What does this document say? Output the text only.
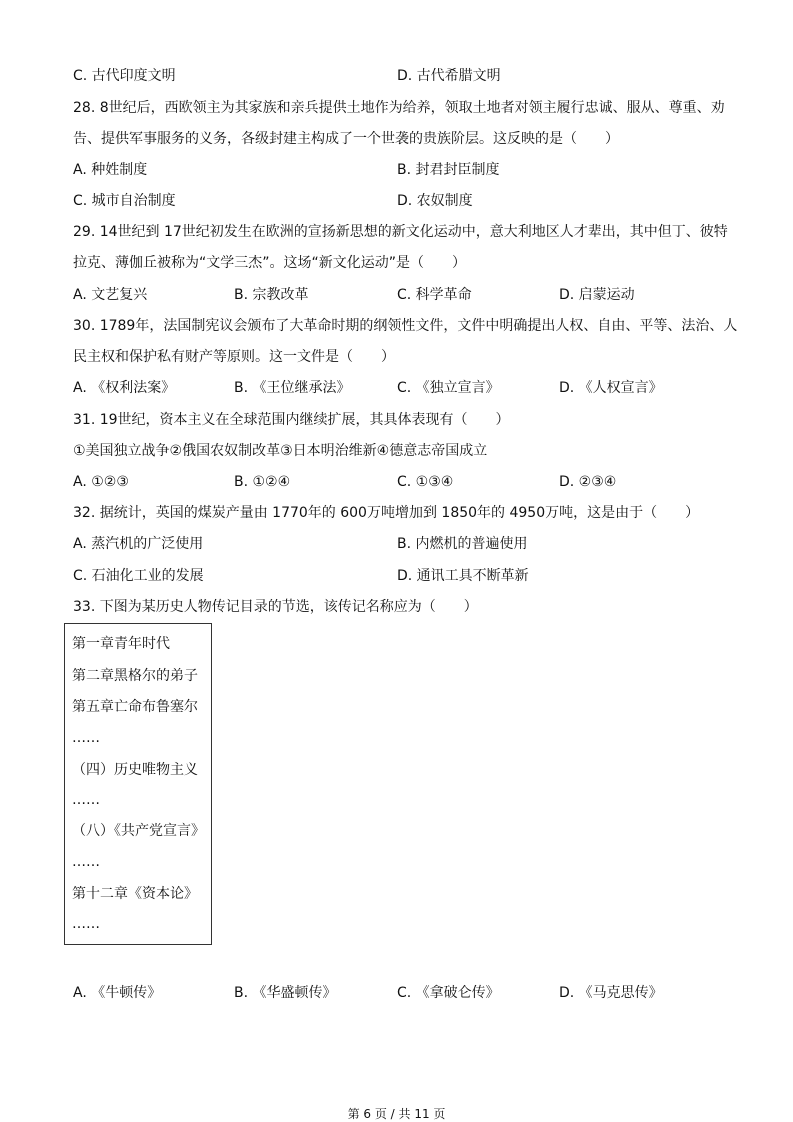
C. 古代印度文明	D. 古代希腊文明
28. 8世纪后，西欧领主为其家族和亲兵提供土地作为给养，领取土地者对领主履行忠诚、服从、尊重、劝
告、提供军事服务的义务，各级封建主构成了一个世袭的贵族阶层。这反映的是（　　）
A. 种姓制度	B. 封君封臣制度
C. 城市自治制度	D. 农奴制度
29. 14世纪到 17世纪初发生在欧洲的宣扬新思想的新文化运动中，意大利地区人才辈出，其中但丁、彼特
拉克、薄伽丘被称为“文学三杰”。这场“新文化运动”是（　　）
A. 文艺复兴	B. 宗教改革	C. 科学革命	D. 启蒙运动
30. 1789年，法国制宪议会颁布了大革命时期的纲领性文件，文件中明确提出人权、自由、平等、法治、人
民主权和保护私有财产等原则。这一文件是（　　）
A. 《权利法案》	B. 《王位继承法》	C. 《独立宣言》	D. 《人权宣言》
31. 19世纪，资本主义在全球范围内继续扩展，其具体表现有（　　）
①美国独立战争②俄国农奴制改革③日本明治维新④德意志帝国成立
A. ①②③	B. ①②④	C. ①③④	D. ②③④
32. 据统计，英国的煤炭产量由 1770年的 600万吨增加到 1850年的 4950万吨，这是由于（　　）
A. 蒸汽机的广泛使用	B. 内燃机的普遍使用
C. 石油化工业的发展	D. 通讯工具不断革新
33. 下图为某历史人物传记目录的节选，该传记名称应为（　　）
第一章青年时代
第二章黑格尔的弟子
第五章亡命布鲁塞尔
……
（四）历史唯物主义
……
（八）《共产党宣言》
……
第十二章《资本论》
……
A. 《牛顿传》	B. 《华盛顿传》	C. 《拿破仑传》	D. 《马克思传》
第 6 页 / 共 11 页
